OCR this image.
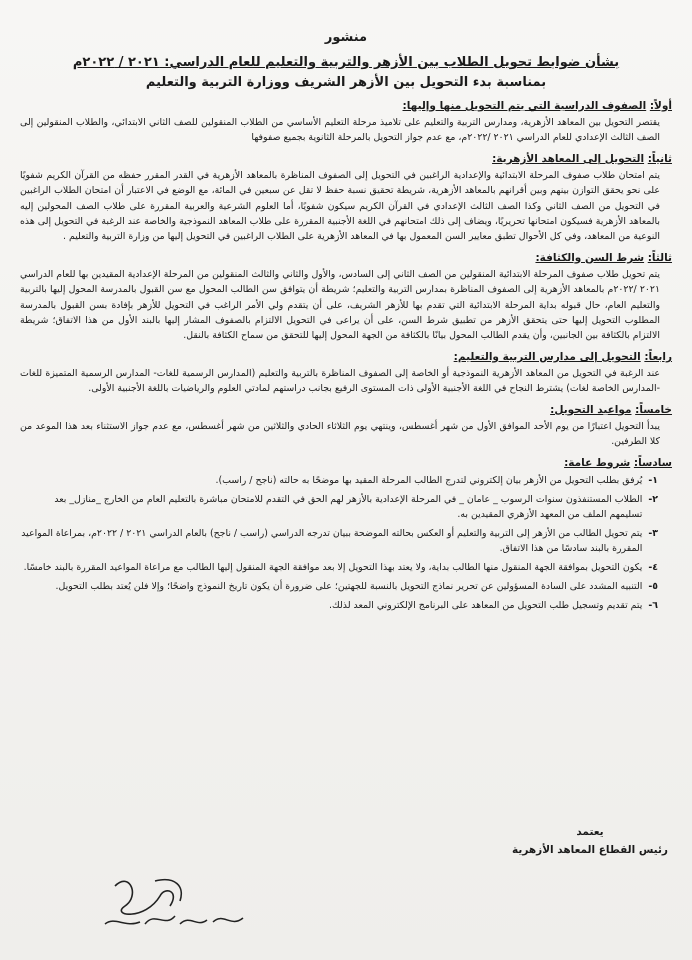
منشور
بشأن ضوابط تحويل الطلاب بين الأزهر والتربية والتعليم للعام الدراسي: ٢٠٢١ / ٢٠٢٢م
بمناسبة بدء التحويل بين الأزهر الشريف ووزارة التربية والتعليم
أولاً: الصفوف الدراسية التي يتم التحويل منها وإليها:

يقتصر التحويل بين المعاهد الأزهرية، ومدارس التربية والتعليم على تلاميذ مرحلة التعليم الأساسي من الطلاب المنقولين للصف الثاني الابتدائي، والطلاب المنقولين إلى الصف الثالث الإعدادي للعام الدراسي ٢٠٢١ /٢٠٢٢م، مع عدم جواز التحويل بالمرحلة الثانوية بجميع صفوفها

ثانياً: التحويل إلى المعاهد الأزهرية:

يتم امتحان طلاب صفوف المرحلة الابتدائية والإعدادية الراغبين في التحويل إلى الصفوف المناظرة بالمعاهد الأزهرية في القدر المقرر حفظه من القرآن الكريم شفويًا على نحو يحقق التوازن بينهم وبين أقرانهم بالمعاهد الأزهرية، شريطة تحقيق نسبة حفظ لا تقل عن سبعين في المائة، مع الوضع في الاعتبار أن امتحان الطلاب الراغبين في التحويل من الصف الثاني وكذا الصف الثالث الإعدادي في القرآن الكريم سيكون شفويًا، أما العلوم الشرعية والعربية المقررة على طلاب الصف المحولين إليه بالمعاهد الأزهرية فسيكون امتحانها تحريريًا، ويضاف إلى ذلك امتحانهم في اللغة الأجنبية المقررة على طلاب المعاهد النموذجية والخاصة عند الرغبة في التحويل إلى هذه النوعية من المعاهد، وفي كل الأحوال تطبق معايير السن المعمول بها في المعاهد الأزهرية على الطلاب الراغبين في التحويل إليها من وزارة التربية والتعليم .

ثالثاً: شرط السن والكثافة:

يتم تحويل طلاب صفوف المرحلة الابتدائية المنقولين من الصف الثاني إلى السادس، والأول والثاني والثالث المنقولين من المرحلة الإعدادية المقيدين بها للعام الدراسي ٢٠٢١ /٢٠٢٢م بالمعاهد الأزهرية إلى الصفوف المناظرة بمدارس التربية والتعليم؛ شريطة أن يتوافق سن الطالب المحول مع سن القبول بالمدرسة المحول إليها بالتربية والتعليم العام، حال قبوله بداية المرحلة الابتدائية التي تقدم بها للأزهر الشريف، على أن يتقدم ولي الأمر الراغب في التحويل للأزهر بإفادة بسن القبول بالمدرسة المطلوب التحويل إليها حتى يتحقق الأزهر من تطبيق شرط السن، على أن يراعى في التحويل الالتزام بالصفوف المشار إليها بالبند الأول من هذا الاتفاق؛ شريطة الالتزام بالكثافة بين الجانبين، وأن يقدم الطالب المحول بيانًا بالكثافة من الجهة المحول إليها للتحقق من سماح الكثافة بالنقل.

رابعاً: التحويل إلى مدارس التربية والتعليم:

عند الرغبة في التحويل من المعاهد الأزهرية النموذجية أو الخاصة إلى الصفوف المناظرة بالتربية والتعليم (المدارس الرسمية للغات- المدارس الرسمية المتميزة للغات -المدارس الخاصة لغات) يشترط النجاح في اللغة الأجنبية الأولى ذات المستوى الرفيع بجانب دراستهم لمادتي العلوم والرياضيات باللغة الأجنبية الأولى.

خامساً: مواعيد التحويل:

يبدأ التحويل اعتبارًا من يوم الأحد الموافق الأول من شهر أغسطس، وينتهي يوم الثلاثاء الحادي والثلاثين من شهر أغسطس، مع عدم جواز الاستثناء بعد هذا الموعد من كلا الطرفين.

سادساً: شروط عامة:
١-
يُرفق بطلب التحويل من الأزهر بيان إلكتروني لتدرج الطالب المرحلة المقيد بها موضحًا به حالته (ناجح / راسب).
٢-
الطلاب المستنفذون سنوات الرسوب _ عامان _ في المرحلة الإعدادية بالأزهر لهم الحق في التقدم للامتحان مباشرة بالتعليم العام من الخارج _منازل_ بعد تسليمهم الملف من المعهد الأزهري المقيدين به.
٣-
يتم تحويل الطالب من الأزهر إلى التربية والتعليم أو العكس بحالته الموضحة ببيان تدرجه الدراسي (راسب / ناجح) بالعام الدراسي ٢٠٢١ / ٢٠٢٢م، بمراعاة المواعيد المقررة بالبند سادسًا من هذا الاتفاق.
٤-
يكون التحويل بموافقة الجهة المنقول منها الطالب بداية، ولا يعتد بهذا التحويل إلا بعد موافقة الجهة المنقول إليها الطالب مع مراعاة المواعيد المقررة بالبند خامسًا.
٥-
التنبيه المشدد على السادة المسؤولين عن تحرير نماذج التحويل بالنسبة للجهتين؛ على ضرورة أن يكون تاريخ النموذج واضحًا؛ وإلا فلن يُعتد بطلب التحويل.
٦-
يتم تقديم وتسجيل طلب التحويل من المعاهد على البرنامج الإلكتروني المعد لذلك.
يعتمد
رئيس القطاع المعاهد الأزهرية
